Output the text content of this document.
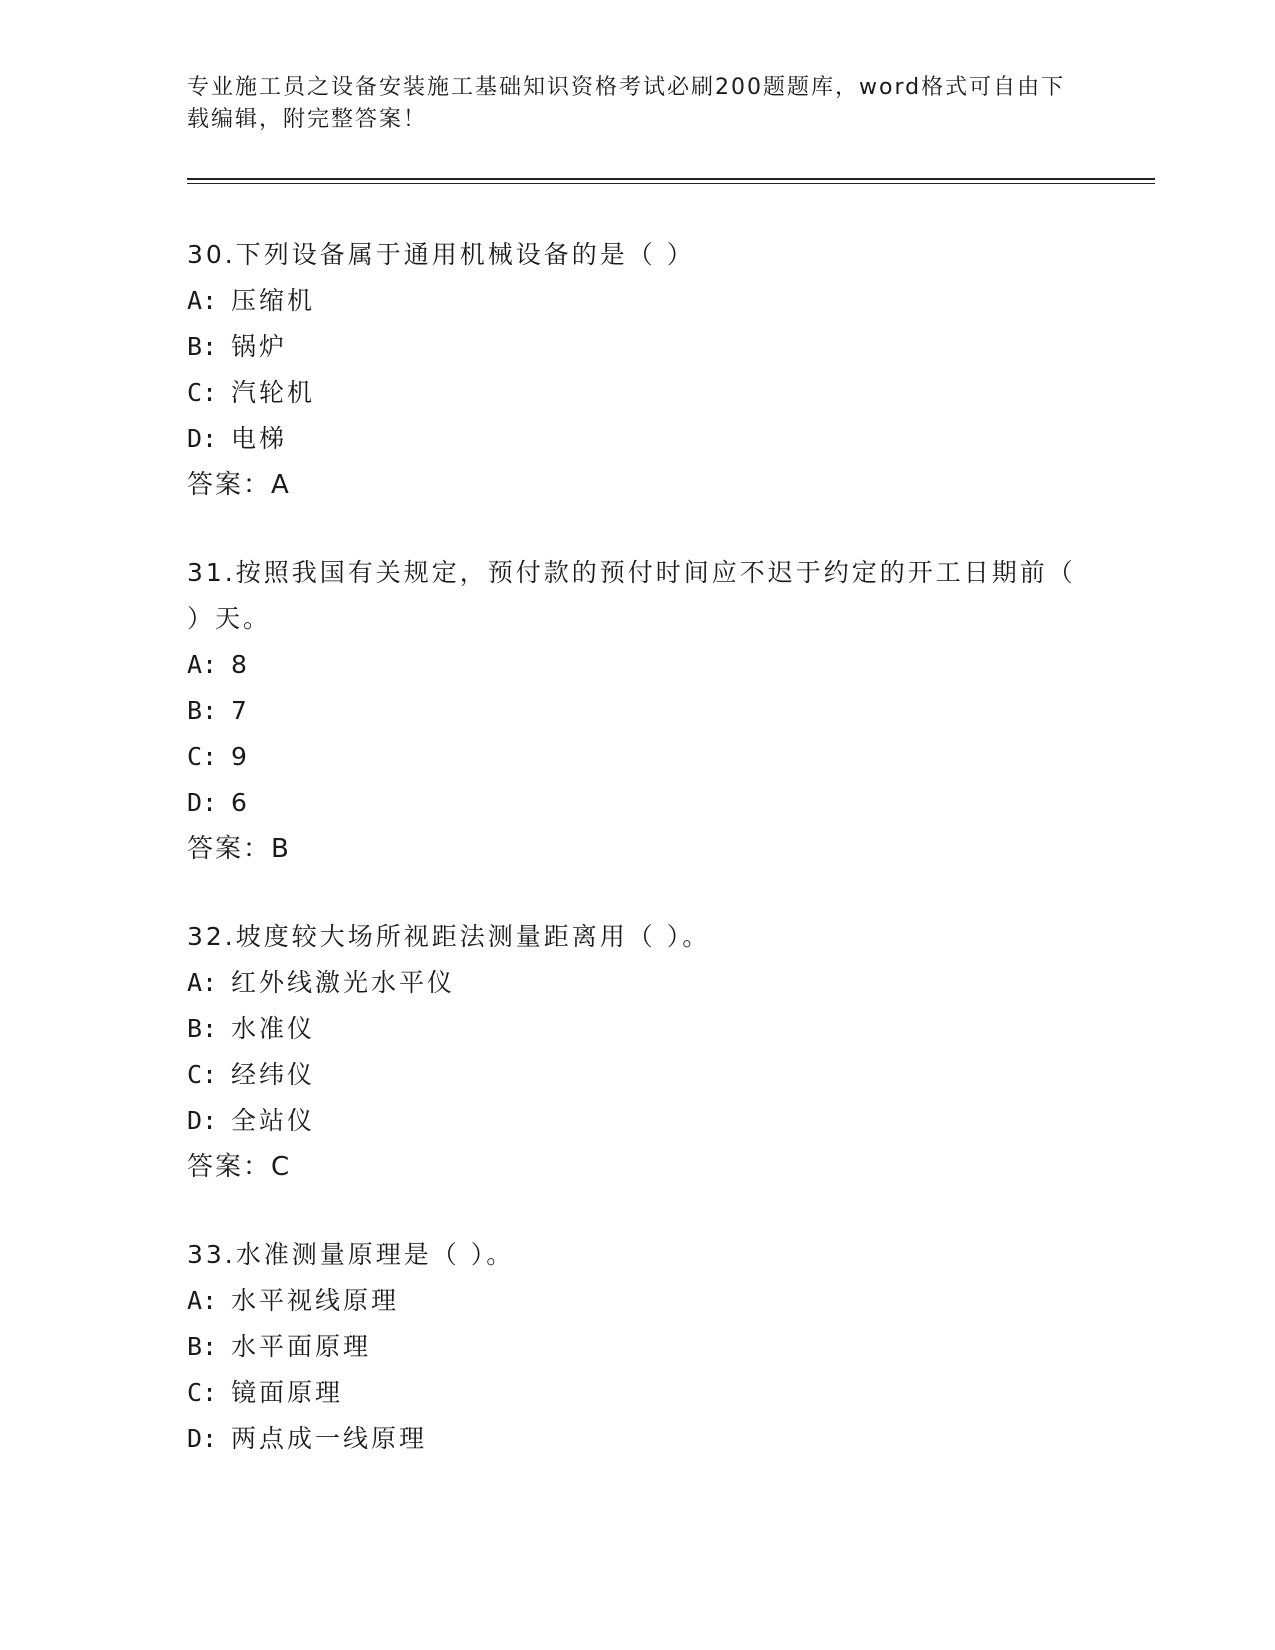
专业施工员之设备安装施工基础知识资格考试必刷200题题库，word格式可自由下载编辑，附完整答案！

30.下列设备属于通用机械设备的是（ ）

A: 压缩机

B: 锅炉

C: 汽轮机

D: 电梯

答案：A

31.按照我国有关规定，预付款的预付时间应不迟于约定的开工日期前（ ）天。

A: 8

B: 7

C: 9

D: 6

答案：B

32.坡度较大场所视距法测量距离用（ ）。

A: 红外线激光水平仪

B: 水准仪

C: 经纬仪

D: 全站仪

答案：C

33.水准测量原理是（ ）。

A: 水平视线原理

B: 水平面原理

C: 镜面原理

D: 两点成一线原理
